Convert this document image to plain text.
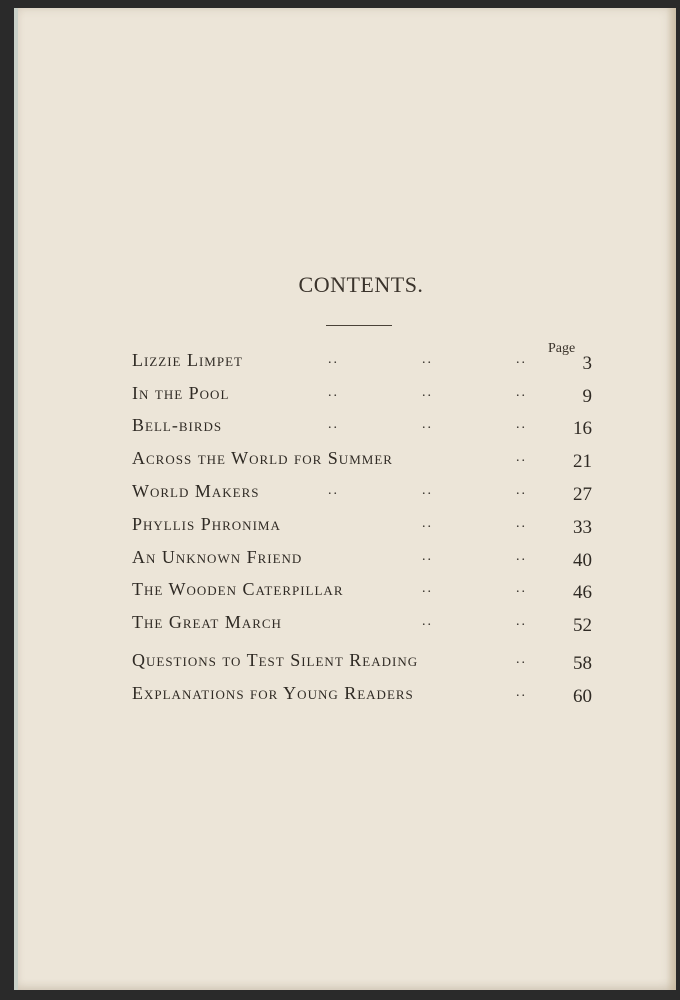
CONTENTS.
Page
Lizzie Limpet	..	..	..	3
In the Pool	..	..	..	9
Bell-birds	..	..	..	16
Across the World for Summer	..	21
World Makers	..	..	..	27
Phyllis Phronima	..	..	33
An Unknown Friend	..	..	40
The Wooden Caterpillar	..	..	46
The Great March	..	..	52
Questions to Test Silent Reading	..	58
Explanations for Young Readers	..	60
